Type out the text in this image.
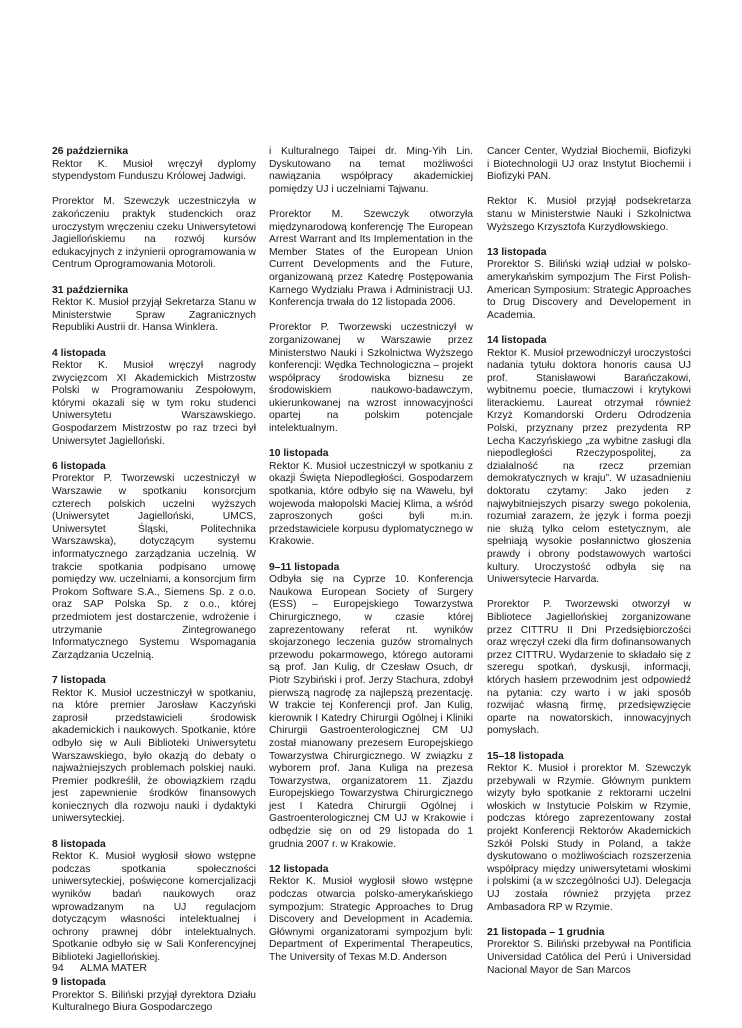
26 października
Rektor K. Musioł wręczył dyplomy stypendystom Funduszu Królowej Jadwigi.
Prorektor M. Szewczyk uczestniczyła w zakończeniu praktyk studenckich oraz uroczystym wręczeniu czeku Uniwersytetowi Jagiellońskiemu na rozwój kursów edukacyjnych z inżynierii oprogramowania w Centrum Oprogramowania Motoroli.
31 października
Rektor K. Musioł przyjął Sekretarza Stanu w Ministerstwie Spraw Zagranicznych Republiki Austrii dr. Hansa Winklera.
4 listopada
Rektor K. Musioł wręczył nagrody zwycięzcom XI Akademickich Mistrzostw Polski w Programowaniu Zespołowym, którymi okazali się w tym roku studenci Uniwersytetu Warszawskiego. Gospodarzem Mistrzostw po raz trzeci był Uniwersytet Jagielloński.
6 listopada
Prorektor P. Tworzewski uczestniczył w Warszawie w spotkaniu konsorcjum czterech polskich uczelni wyższych (Uniwersytet Jagielloński, UMCS, Uniwersytet Śląski, Politechnika Warszawska), dotyczącym systemu informatycznego zarządzania uczelnią. W trakcie spotkania podpisano umowę pomiędzy ww. uczelniami, a konsorcjum firm Prokom Software S.A., Siemens Sp. z o.o. oraz SAP Polska Sp. z o.o., której przedmiotem jest dostarczenie, wdrożenie i utrzymanie Zintegrowanego Informatycznego Systemu Wspomagania Zarządzania Uczelnią.
7 listopada
Rektor K. Musioł uczestniczył w spotkaniu, na które premier Jarosław Kaczyński zaprosił przedstawicieli środowisk akademickich i naukowych. Spotkanie, które odbyło się w Auli Biblioteki Uniwersytetu Warszawskiego, było okazją do debaty o najważniejszych problemach polskiej nauki. Premier podkreślił, że obowiązkiem rządu jest zapewnienie środków finansowych koniecznych dla rozwoju nauki i dydaktyki uniwersyteckiej.
8 listopada
Rektor K. Musioł wygłosił słowo wstępne podczas spotkania społeczności uniwersyteckiej, poświęcone komercjalizacji wyników badań naukowych oraz wprowadzanym na UJ regulacjom dotyczącym własności intelektualnej i ochrony prawnej dóbr intelektualnych. Spotkanie odbyło się w Sali Konferencyjnej Biblioteki Jagiellońskiej.
9 listopada
Prorektor S. Biliński przyjął dyrektora Działu Kulturalnego Biura Gospodarczego
i Kulturalnego Taipei dr. Ming-Yih Lin. Dyskutowano na temat możliwości nawiązania współpracy akademickiej pomiędzy UJ i uczelniami Tajwanu.
Prorektor M. Szewczyk otworzyła międzynarodową konferencję The European Arrest Warrant and Its Implementation in the Member States of the European Union Current Developments and the Future, organizowaną przez Katedrę Postępowania Karnego Wydziału Prawa i Administracji UJ. Konferencja trwała do 12 listopada 2006.
Prorektor P. Tworzewski uczestniczył w zorganizowanej w Warszawie przez Ministerstwo Nauki i Szkolnictwa Wyższego konferencji: Wędka Technologiczna – projekt współpracy środowiska biznesu ze środowiskiem naukowo-badawczym, ukierunkowanej na wzrost innowacyjności opartej na polskim potencjale intelektualnym.
10 listopada
Rektor K. Musioł uczestniczył w spotkaniu z okazji Święta Niepodległości. Gospodarzem spotkania, które odbyło się na Wawelu, był wojewoda małopolski Maciej Klima, a wśród zaproszonych gości byli m.in. przedstawiciele korpusu dyplomatycznego w Krakowie.
9–11 listopada
Odbyła się na Cyprze 10. Konferencja Naukowa European Society of Surgery (ESS) – Europejskiego Towarzystwa Chirurgicznego, w czasie której zaprezentowany referat nt. wyników skojarzonego leczenia guzów stromalnych przewodu pokarmowego, którego autorami są prof. Jan Kulig, dr Czesław Osuch, dr Piotr Szybiński i prof. Jerzy Stachura, zdobył pierwszą nagrodę za najlepszą prezentację. W trakcie tej Konferencji prof. Jan Kulig, kierownik I Katedry Chirurgii Ogólnej i Kliniki Chirurgii Gastroenterologicznej CM UJ został mianowany prezesem Europejskiego Towarzystwa Chirurgicznego. W związku z wyborem prof. Jana Kuliga na prezesa Towarzystwa, organizatorem 11. Zjazdu Europejskiego Towarzystwa Chirurgicznego jest I Katedra Chirurgii Ogólnej i Gastroenterologicznej CM UJ w Krakowie i odbędzie się on od 29 listopada do 1 grudnia 2007 r. w Krakowie.
12 listopada
Rektor K. Musioł wygłosił słowo wstępne podczas otwarcia polsko-amerykańskiego sympozjum: Strategic Approaches to Drug Discovery and Development in Academia. Głównymi organizatorami sympozjum byli: Department of Experimental Therapeutics, The University of Texas M.D. Anderson
Cancer Center, Wydział Biochemii, Biofizyki i Biotechnologii UJ oraz Instytut Biochemii i Biofizyki PAN.
Rektor K. Musioł przyjął podsekretarza stanu w Ministerstwie Nauki i Szkolnictwa Wyższego Krzysztofa Kurzydłowskiego.
13 listopada
Prorektor S. Biliński wziął udział w polsko-amerykańskim sympozjum The First Polish-American Symposium: Strategic Approaches to Drug Discovery and Developement in Academia.
14 listopada
Rektor K. Musioł przewodniczył uroczystości nadania tytułu doktora honoris causa UJ prof. Stanisławowi Barańczakowi, wybitnemu poecie, tłumaczowi i krytykowi literackiemu. Laureat otrzymał również Krzyż Komandorski Orderu Odrodzenia Polski, przyznany przez prezydenta RP Lecha Kaczyńskiego „za wybitne zasługi dla niepodległości Rzeczypospolitej, za działalność na rzecz przemian demokratycznych w kraju”. W uzasadnieniu doktoratu czytamy: Jako jeden z najwybitniejszych pisarzy swego pokolenia, rozumiał zarazem, że język i forma poezji nie służą tylko celom estetycznym, ale spełniają wysokie posłannictwo głoszenia prawdy i obrony podstawowych wartości kultury. Uroczystość odbyła się na Uniwersytecie Harvarda.
Prorektor P. Tworzewski otworzył w Bibliotece Jagiellońskiej zorganizowane przez CITTRU II Dni Przedsiębiorczości oraz wręczył czeki dla firm dofinansowanych przez CITTRU. Wydarzenie to składało się z szeregu spotkań, dyskusji, informacji, których hasłem przewodnim jest odpowiedź na pytania: czy warto i w jaki sposób rozwijać własną firmę, przedsięwzięcie oparte na nowatorskich, innowacyjnych pomysłach.
15–18 listopada
Rektor K. Musioł i prorektor M. Szewczyk przebywali w Rzymie. Głównym punktem wizyty było spotkanie z rektorami uczelni włoskich w Instytucie Polskim w Rzymie, podczas którego zaprezentowany został projekt Konferencji Rektorów Akademickich Szkół Polski Study in Poland, a także dyskutowano o możliwościach rozszerzenia współpracy między uniwersytetami włoskimi i polskimi (a w szczególności UJ). Delegacja UJ została również przyjęta przez Ambasadora RP w Rzymie.
21 listopada – 1 grudnia
Prorektor S. Biliński przebywał na Pontificia Universidad Católica del Perú i Universidad Nacional Mayor de San Marcos
94 ALMA MATER
